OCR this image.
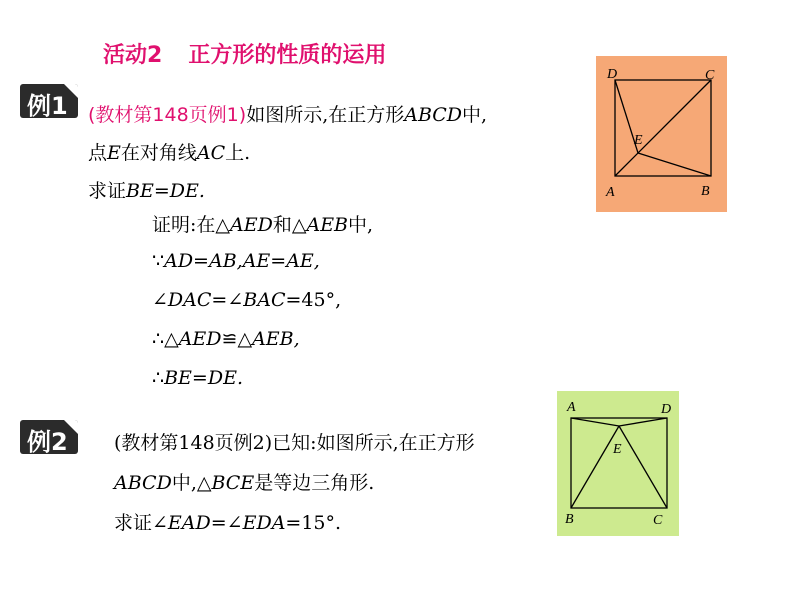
活动2 正方形的性质的运用
例1 (教材第148页例1)如图所示,在正方形ABCD中,
点E在对角线AC上.
求证BE=DE.
证明:在△AED和△AEB中,
∵AD=AB,AE=AE,
∠DAC=∠BAC=45°,
∴△AED≌△AEB,
∴BE=DE.
D	C
E
A	B
例2 (教材第148页例2)已知:如图所示,在正方形
ABCD中,△BCE是等边三角形.
求证∠EAD=∠EDA=15°.
A	D
E
B	C
